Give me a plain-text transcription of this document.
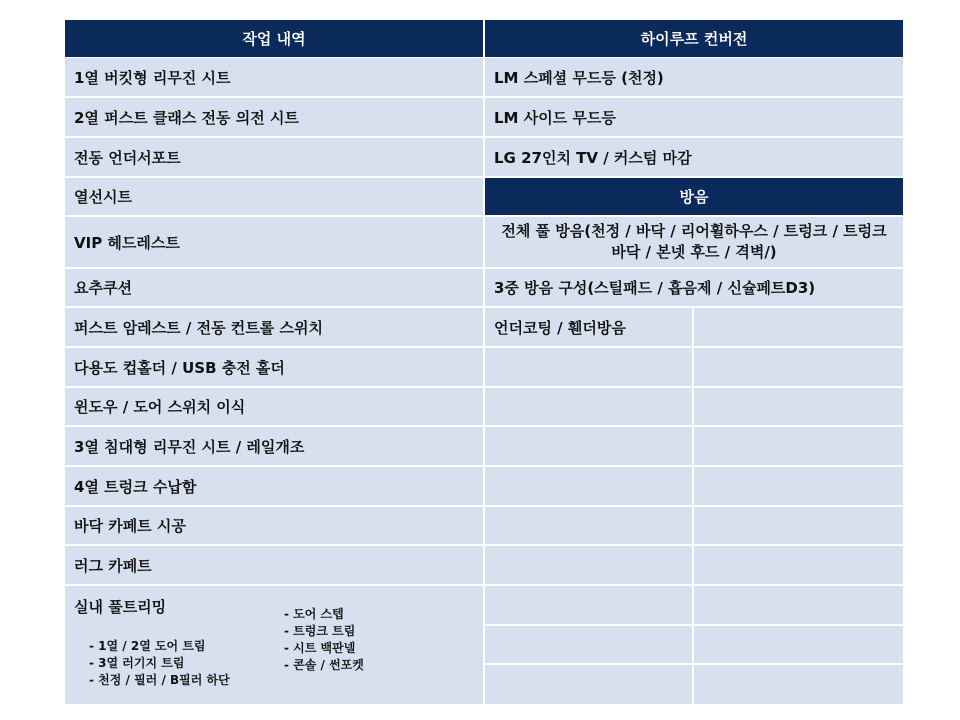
작업 내역	하이루프 컨버전
1열 버킷형 리무진 시트
2열 퍼스트 클래스 전동 의전 시트
전동 언더서포트
열선시트
VIP 헤드레스트
요추쿠션
퍼스트 암레스트 / 전동 컨트롤 스위치
다용도 컵홀더 / USB 충전 홀더
윈도우 / 도어 스위치 이식
3열 침대형 리무진 시트 / 레일개조
4열 트렁크 수납함
바닥 카페트 시공
러그 카페트
실내 풀트리밍
- 1열 / 2열 도어 트림
- 3열 러기지 트림
- 천정 / 필러 / B필러 하단
- 도어 스텝
- 트렁크 트림
- 시트 백판넬
- 콘솔 / 썬포켓
LM 스페셜 무드등 (천정)
LM 사이드 무드등
LG 27인치 TV / 커스텀 마감
방음
전체 풀 방음(천정 / 바닥 / 리어휠하우스 / 트렁크 / 트렁크 바닥 / 본넷 후드 / 격벽/)
3중 방음 구성(스틸패드 / 흡음제 / 신슐페트D3)
언더코팅 / 휀더방음
